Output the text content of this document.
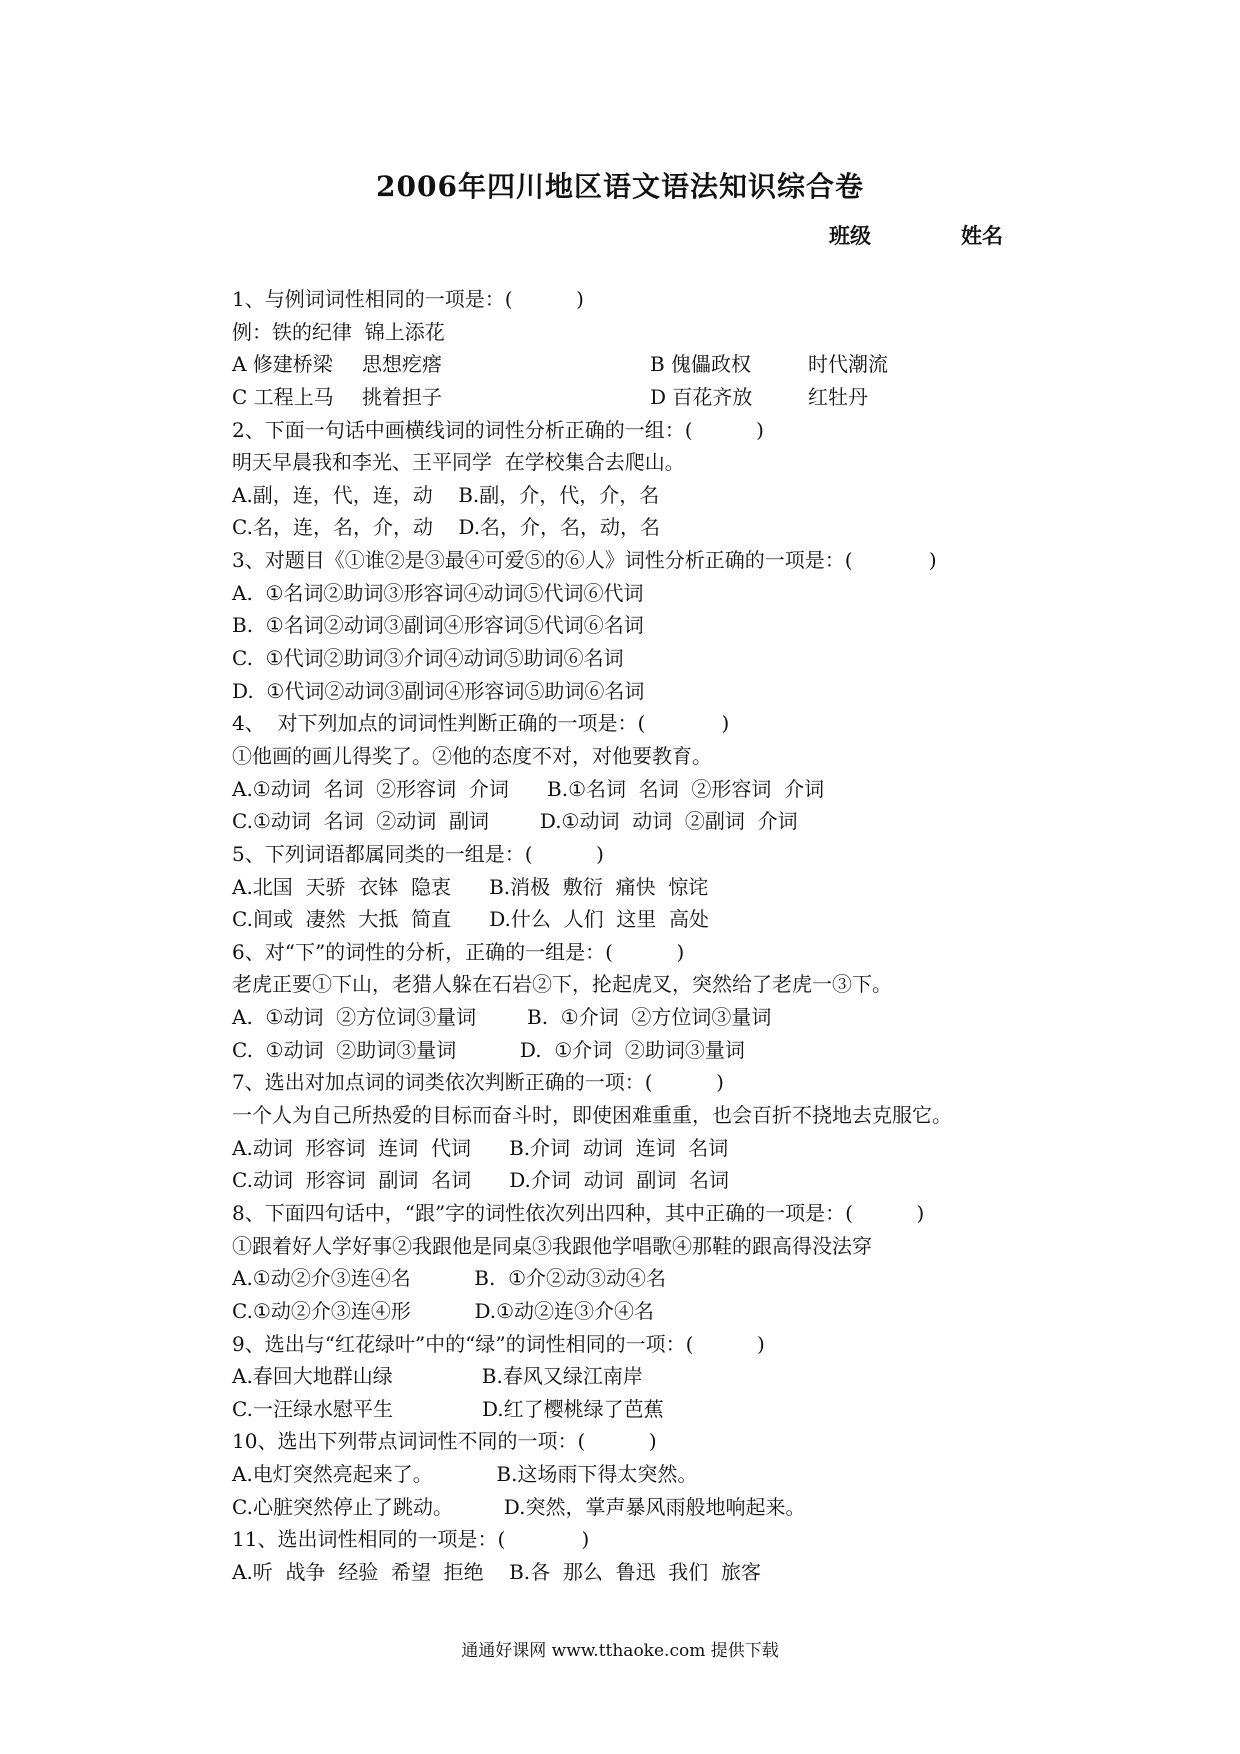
2006年四川地区语文语法知识综合卷
班级	姓名
1、与例词词性相同的一项是：(          )
例：铁的纪律  锦上添花
A 修建桥梁 思想疙瘩	B 傀儡政权	时代潮流
C 工程上马 挑着担子	D 百花齐放	红牡丹
2、下面一句话中画横线词的词性分析正确的一组：(          )
明天早晨我和李光、王平同学  在学校集合去爬山。
A.副，连，代，连，动    B.副，介，代，介，名
C.名，连，名，介，动    D.名，介，名，动，名
3、对题目《①谁②是③最④可爱⑤的⑥人》词性分析正确的一项是：(            )
A.  ①名词②助词③形容词④动词⑤代词⑥代词
B.  ①名词②动词③副词④形容词⑤代词⑥名词
C.  ①代词②助词③介词④动词⑤助词⑥名词
D.  ①代词②动词③副词④形容词⑤助词⑥名词
4、  对下列加点的词词性判断正确的一项是：(            )
①他画的画儿得奖了。②他的态度不对，对他要教育。
A.①动词  名词  ②形容词  介词      B.①名词  名词  ②形容词  介词
C.①动词  名词  ②动词  副词        D.①动词  动词  ②副词  介词
5、下列词语都属同类的一组是：(          )
A.北国  天骄  衣钵  隐衷      B.消极  敷衍  痛快  惊诧
C.间或  凄然  大抵  简直      D.什么  人们  这里  高处
6、对“下”的词性的分析，正确的一组是：(          )
老虎正要①下山，老猎人躲在石岩②下，抡起虎叉，突然给了老虎一③下。
A.  ①动词  ②方位词③量词        B.  ①介词  ②方位词③量词
C.  ①动词  ②助词③量词          D.  ①介词  ②助词③量词
7、选出对加点词的词类依次判断正确的一项：(          )
一个人为自己所热爱的目标而奋斗时，即使困难重重，也会百折不挠地去克服它。
A.动词  形容词  连词  代词      B.介词  动词  连词  名词
C.动词  形容词  副词  名词      D.介词  动词  副词  名词
8、下面四句话中，“跟”字的词性依次列出四种，其中正确的一项是：(          )
①跟着好人学好事②我跟他是同桌③我跟他学唱歌④那鞋的跟高得没法穿
A.①动②介③连④名          B.  ①介②动③动④名
C.①动②介③连④形          D.①动②连③介④名
9、选出与“红花绿叶”中的“绿”的词性相同的一项：(          )
A.春回大地群山绿              B.春风又绿江南岸
C.一汪绿水慰平生              D.红了樱桃绿了芭蕉
10、选出下列带点词词性不同的一项：(          )
A.电灯突然亮起来了。          B.这场雨下得太突然。
C.心脏突然停止了跳动。        D.突然，掌声暴风雨般地响起来。
11、选出词性相同的一项是：(            )
A.听  战争  经验  希望  拒绝    B.各  那么  鲁迅  我们  旅客
通通好课网 www.tthaoke.com 提供下载
